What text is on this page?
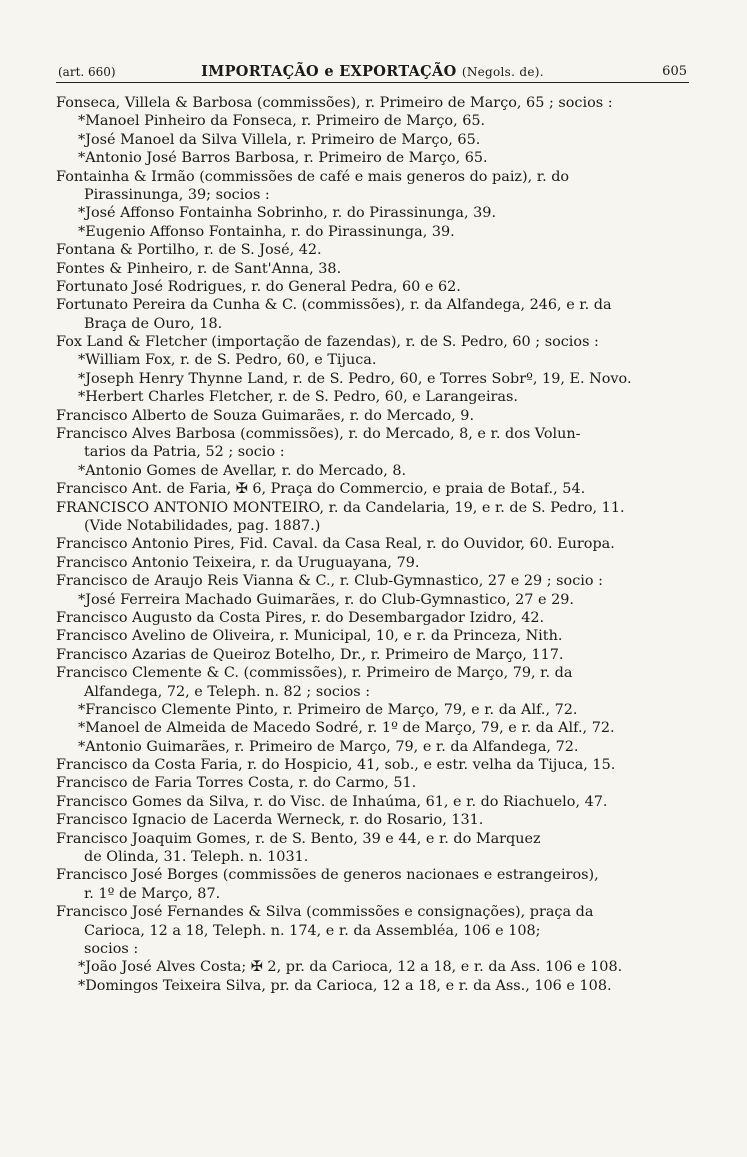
(art. 660)	IMPORTAÇÃO e EXPORTAÇÃO (Negols. de).	605
Fonseca, Villela & Barbosa (commissões), r. Primeiro de Março, 65 ; socios :
*Manoel Pinheiro da Fonseca, r. Primeiro de Março, 65.
*José Manoel da Silva Villela, r. Primeiro de Março, 65.
*Antonio José Barros Barbosa, r. Primeiro de Março, 65.
Fontainha & Irmão (commissões de café e mais generos do paiz), r. do
Pirassinunga, 39; socios :
*José Affonso Fontainha Sobrinho, r. do Pirassinunga, 39.
*Eugenio Affonso Fontainha, r. do Pirassinunga, 39.
Fontana & Portilho, r. de S. José, 42.
Fontes & Pinheiro, r. de Sant'Anna, 38.
Fortunato José Rodrigues, r. do General Pedra, 60 e 62.
Fortunato Pereira da Cunha & C. (commissões), r. da Alfandega, 246, e r. da
Braça de Ouro, 18.
Fox Land & Fletcher (importação de fazendas), r. de S. Pedro, 60 ; socios :
*William Fox, r. de S. Pedro, 60, e Tijuca.
*Joseph Henry Thynne Land, r. de S. Pedro, 60, e Torres Sobrº, 19, E. Novo.
*Herbert Charles Fletcher, r. de S. Pedro, 60, e Larangeiras.
Francisco Alberto de Souza Guimarães, r. do Mercado, 9.
Francisco Alves Barbosa (commissões), r. do Mercado, 8, e r. dos Volun-
tarios da Patria, 52 ; socio :
*Antonio Gomes de Avellar, r. do Mercado, 8.
Francisco Ant. de Faria, ✠ 6, Praça do Commercio, e praia de Botaf., 54.
FRANCISCO ANTONIO MONTEIRO, r. da Candelaria, 19, e r. de S. Pedro, 11.
(Vide Notabilidades, pag. 1887.)
Francisco Antonio Pires, Fid. Caval. da Casa Real, r. do Ouvidor, 60. Europa.
Francisco Antonio Teixeira, r. da Uruguayana, 79.
Francisco de Araujo Reis Vianna & C., r. Club-Gymnastico, 27 e 29 ; socio :
*José Ferreira Machado Guimarães, r. do Club-Gymnastico, 27 e 29.
Francisco Augusto da Costa Pires, r. do Desembargador Izidro, 42.
Francisco Avelino de Oliveira, r. Municipal, 10, e r. da Princeza, Nith.
Francisco Azarias de Queiroz Botelho, Dr., r. Primeiro de Março, 117.
Francisco Clemente & C. (commissões), r. Primeiro de Março, 79, r. da
Alfandega, 72, e Teleph. n. 82 ; socios :
*Francisco Clemente Pinto, r. Primeiro de Março, 79, e r. da Alf., 72.
*Manoel de Almeida de Macedo Sodré, r. 1º de Março, 79, e r. da Alf., 72.
*Antonio Guimarães, r. Primeiro de Março, 79, e r. da Alfandega, 72.
Francisco da Costa Faria, r. do Hospicio, 41, sob., e estr. velha da Tijuca, 15.
Francisco de Faria Torres Costa, r. do Carmo, 51.
Francisco Gomes da Silva, r. do Visc. de Inhaúma, 61, e r. do Riachuelo, 47.
Francisco Ignacio de Lacerda Werneck, r. do Rosario, 131.
Francisco Joaquim Gomes, r. de S. Bento, 39 e 44, e r. do Marquez
de Olinda, 31. Teleph. n. 1031.
Francisco José Borges (commissões de generos nacionaes e estrangeiros),
r. 1º de Março, 87.
Francisco José Fernandes & Silva (commissões e consignações), praça da
Carioca, 12 a 18, Teleph. n. 174, e r. da Assembléa, 106 e 108;
socios :
*João José Alves Costa; ✠ 2, pr. da Carioca, 12 a 18, e r. da Ass. 106 e 108.
*Domingos Teixeira Silva, pr. da Carioca, 12 a 18, e r. da Ass., 106 e 108.
